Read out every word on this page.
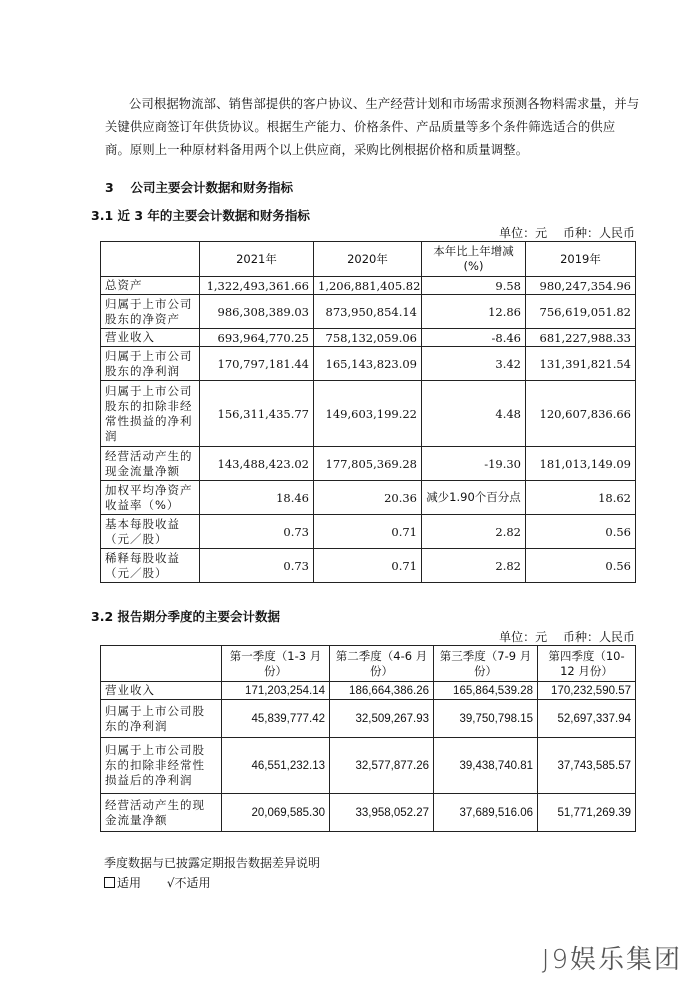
公司根据物流部、销售部提供的客户协议、生产经营计划和市场需求预测各物料需求量，并与关键供应商签订年供货协议。根据生产能力、价格条件、产品质量等多个条件筛选适合的供应商。原则上一种原材料备用两个以上供应商，采购比例根据价格和质量调整。
3　 公司主要会计数据和财务指标
3.1 近 3 年的主要会计数据和财务指标
单位：元　 币种：人民币
	2021年	2020年	本年比上年增减(%)	2019年
总资产	1,322,493,361.66	1,206,881,405.82	9.58	980,247,354.96
归属于上市公司股东的净资产	986,308,389.03	873,950,854.14	12.86	756,619,051.82
营业收入	693,964,770.25	758,132,059.06	-8.46	681,227,988.33
归属于上市公司股东的净利润	170,797,181.44	165,143,823.09	3.42	131,391,821.54
归属于上市公司股东的扣除非经常性损益的净利润	156,311,435.77	149,603,199.22	4.48	120,607,836.66
经营活动产生的现金流量净额	143,488,423.02	177,805,369.28	-19.30	181,013,149.09
加权平均净资产收益率（%）	18.46	20.36	减少1.90个百分点	18.62
基本每股收益（元／股）	0.73	0.71	2.82	0.56
稀释每股收益（元／股）	0.73	0.71	2.82	0.56
3.2 报告期分季度的主要会计数据
单位：元　 币种：人民币
	第一季度（1-3 月份）	第二季度（4-6 月份）	第三季度（7-9 月份）	第四季度（10-12 月份）
营业收入	171,203,254.14	186,664,386.26	165,864,539.28	170,232,590.57
归属于上市公司股东的净利润	45,839,777.42	32,509,267.93	39,750,798.15	52,697,337.94
归属于上市公司股东的扣除非经常性损益后的净利润	46,551,232.13	32,577,877.26	39,438,740.81	37,743,585.57
经营活动产生的现金流量净额	20,069,585.30	33,958,052.27	37,689,516.06	51,771,269.39
季度数据与已披露定期报告数据差异说明
适用 √不适用
J9娱乐集团
